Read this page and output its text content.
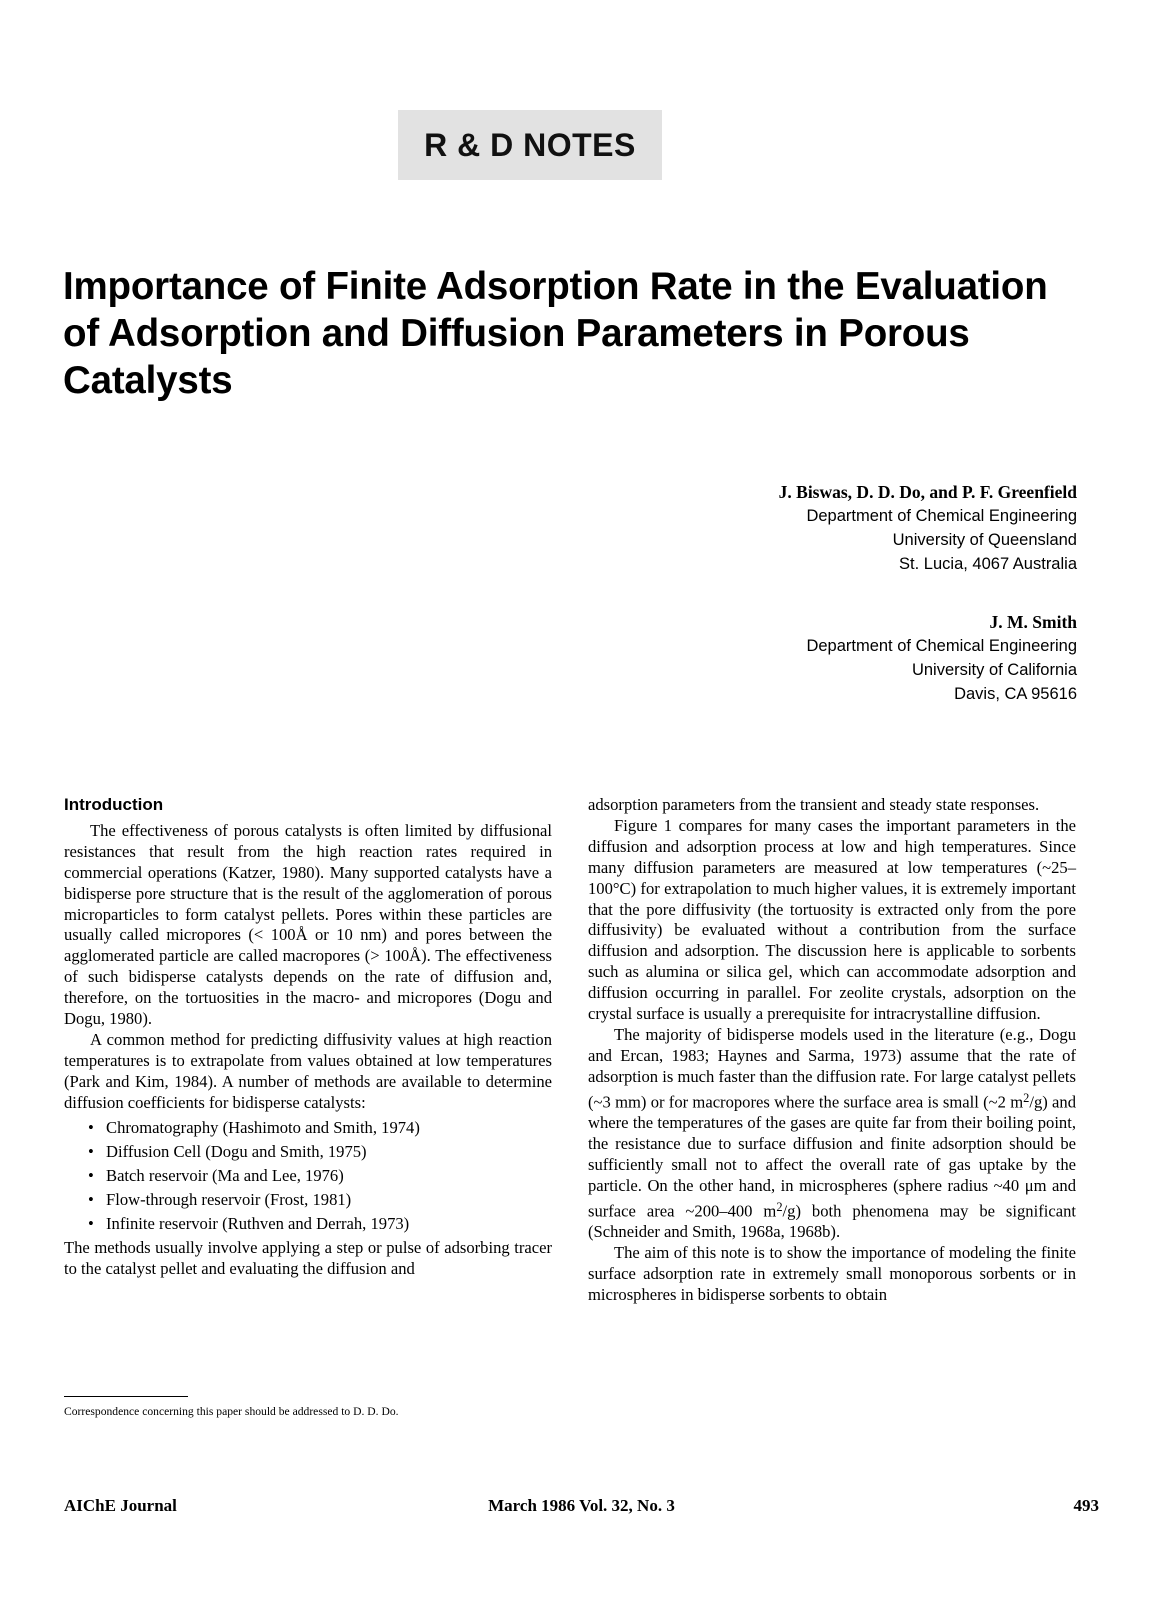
R & D NOTES
Importance of Finite Adsorption Rate in the Evaluation of Adsorption and Diffusion Parameters in Porous Catalysts
J. Biswas, D. D. Do, and P. F. Greenfield
Department of Chemical Engineering
University of Queensland
St. Lucia, 4067 Australia
J. M. Smith
Department of Chemical Engineering
University of California
Davis, CA 95616
Introduction

The effectiveness of porous catalysts is often limited by diffusional resistances that result from the high reaction rates required in commercial operations (Katzer, 1980). Many supported catalysts have a bidisperse pore structure that is the result of the agglomeration of porous microparticles to form catalyst pellets. Pores within these particles are usually called micropores (< 100Å or 10 nm) and pores between the agglomerated particle are called macropores (> 100Å). The effectiveness of such bidisperse catalysts depends on the rate of diffusion and, therefore, on the tortuosities in the macro- and micropores (Dogu and Dogu, 1980).

A common method for predicting diffusivity values at high reaction temperatures is to extrapolate from values obtained at low temperatures (Park and Kim, 1984). A number of methods are available to determine diffusion coefficients for bidisperse catalysts:

• Chromatography (Hashimoto and Smith, 1974)
• Diffusion Cell (Dogu and Smith, 1975)
• Batch reservoir (Ma and Lee, 1976)
• Flow-through reservoir (Frost, 1981)
• Infinite reservoir (Ruthven and Derrah, 1973)

The methods usually involve applying a step or pulse of adsorbing tracer to the catalyst pellet and evaluating the diffusion and

adsorption parameters from the transient and steady state responses.

Figure 1 compares for many cases the important parameters in the diffusion and adsorption process at low and high temperatures. Since many diffusion parameters are measured at low temperatures (~25–100°C) for extrapolation to much higher values, it is extremely important that the pore diffusivity (the tortuosity is extracted only from the pore diffusivity) be evaluated without a contribution from the surface diffusion and adsorption. The discussion here is applicable to sorbents such as alumina or silica gel, which can accommodate adsorption and diffusion occurring in parallel. For zeolite crystals, adsorption on the crystal surface is usually a prerequisite for intracrystalline diffusion.

The majority of bidisperse models used in the literature (e.g., Dogu and Ercan, 1983; Haynes and Sarma, 1973) assume that the rate of adsorption is much faster than the diffusion rate. For large catalyst pellets (~3 mm) or for macropores where the surface area is small (~2 $m^2/g$) and where the temperatures of the gases are quite far from their boiling point, the resistance due to surface diffusion and finite adsorption should be sufficiently small not to affect the overall rate of gas uptake by the particle. On the other hand, in microspheres (sphere radius ~40 μm and surface area ~200–400 $m^2/g$) both phenomena may be significant (Schneider and Smith, 1968a, 1968b).

The aim of this note is to show the importance of modeling the finite surface adsorption rate in extremely small monoporous sorbents or in microspheres in bidisperse sorbents to obtain

Correspondence concerning this paper should be addressed to D. D. Do.
AIChE Journal	March 1986 Vol. 32, No. 3	493
